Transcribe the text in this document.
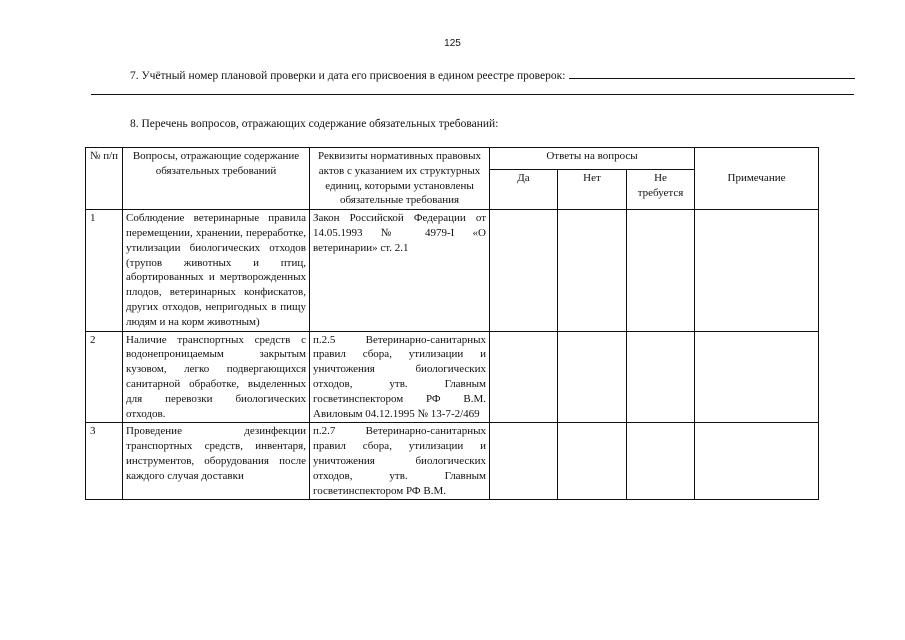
125
7. Учётный номер плановой проверки и дата его присвоения в едином реестре проверок:
8. Перечень вопросов, отражающих содержание обязательных требований:
№ п/п	Вопросы, отражающие содержание обязательных требований	Реквизиты нормативных правовых актов с указанием их структурных единиц, которыми установлены обязательные требования	Ответы на вопросы			Примечание
			Да	Нет	Не требуется	
1	Соблюдение ветеринарные правила перемещении, хранении, переработке, утилизации биологических отходов (трупов животных и птиц, абортированных и мертворожденных плодов, ветеринарных конфискатов, других отходов, непригодных в пищу людям и на корм животным)	Закон Российской Федерации от 14.05.1993 № 4979-I «О ветеринарии» ст. 2.1				
2	Наличие транспортных средств с водонепроницаемым закрытым кузовом, легко подвергающихся санитарной обработке, выделенных для перевозки биологических отходов.	п.2.5 Ветеринарно-санитарных правил сбора, утилизации и уничтожения биологических отходов, утв. Главным госветинспектором РФ В.М. Авиловым 04.12.1995 № 13-7-2/469				
3	Проведение дезинфекции транспортных средств, инвентаря, инструментов, оборудования после каждого случая доставки	п.2.7 Ветеринарно-санитарных правил сбора, утилизации и уничтожения биологических отходов, утв. Главным госветинспектором РФ В.М.				
